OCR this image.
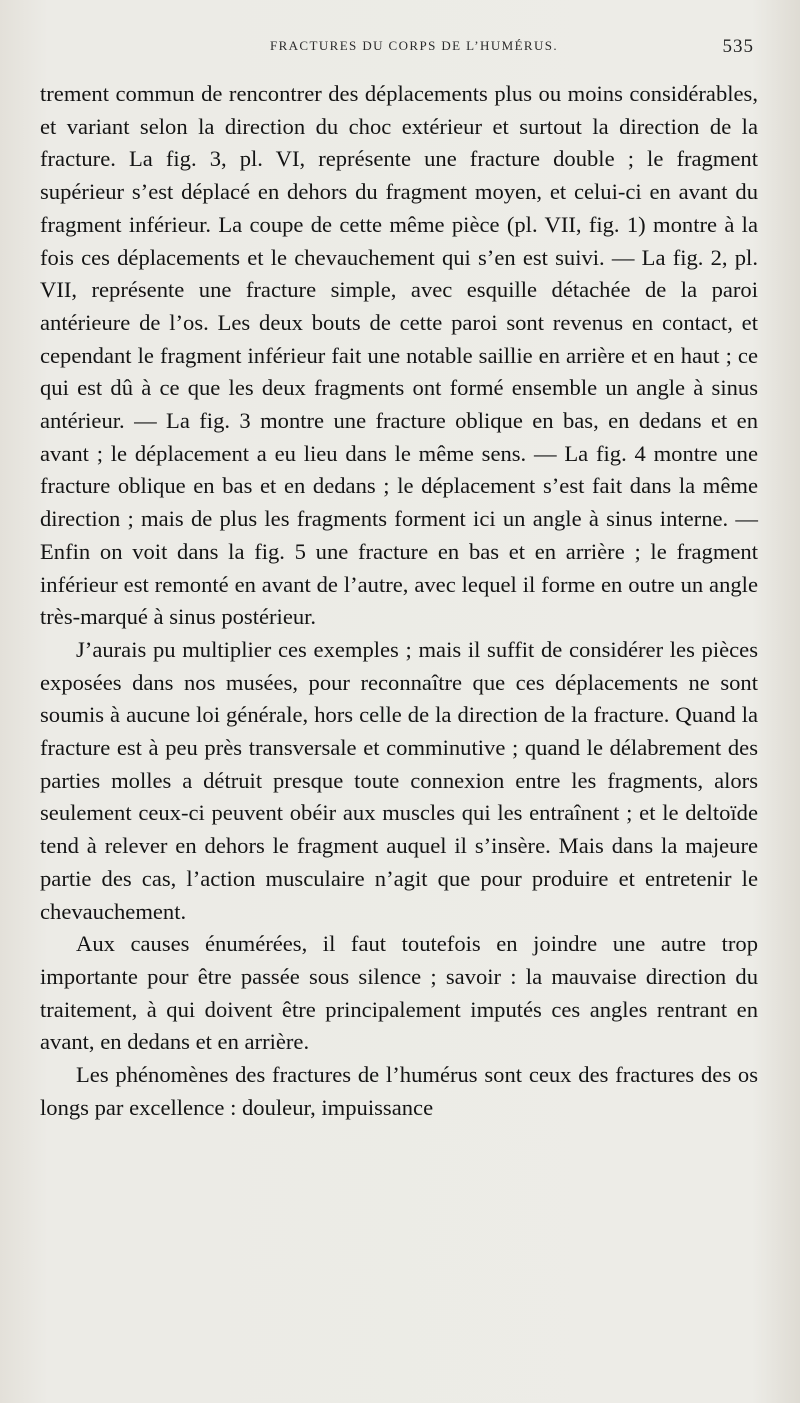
FRACTURES DU CORPS DE L’HUMÉRUS.	535

trement commun de rencontrer des déplacements plus ou moins considérables, et variant selon la direction du choc extérieur et surtout la direction de la fracture. La fig. 3, pl. VI, représente une fracture double ; le fragment supérieur s’est déplacé en dehors du fragment moyen, et celui-ci en avant du fragment inférieur. La coupe de cette même pièce (pl. VII, fig. 1) montre à la fois ces déplacements et le chevauchement qui s’en est suivi. — La fig. 2, pl. VII, représente une fracture simple, avec esquille détachée de la paroi antérieure de l’os. Les deux bouts de cette paroi sont revenus en contact, et cependant le fragment inférieur fait une notable saillie en arrière et en haut ; ce qui est dû à ce que les deux fragments ont formé ensemble un angle à sinus antérieur. — La fig. 3 montre une fracture oblique en bas, en dedans et en avant ; le déplacement a eu lieu dans le même sens. — La fig. 4 montre une fracture oblique en bas et en dedans ; le déplacement s’est fait dans la même direction ; mais de plus les fragments forment ici un angle à sinus interne. — Enfin on voit dans la fig. 5 une fracture en bas et en arrière ; le fragment inférieur est remonté en avant de l’autre, avec lequel il forme en outre un angle très-marqué à sinus postérieur.

J’aurais pu multiplier ces exemples ; mais il suffit de considérer les pièces exposées dans nos musées, pour reconnaître que ces déplacements ne sont soumis à aucune loi générale, hors celle de la direction de la fracture. Quand la fracture est à peu près transversale et comminutive ; quand le délabrement des parties molles a détruit presque toute connexion entre les fragments, alors seulement ceux-ci peuvent obéir aux muscles qui les entraînent ; et le deltoïde tend à relever en dehors le fragment auquel il s’insère. Mais dans la majeure partie des cas, l’action musculaire n’agit que pour produire et entretenir le chevauchement.

Aux causes énumérées, il faut toutefois en joindre une autre trop importante pour être passée sous silence ; savoir : la mauvaise direction du traitement, à qui doivent être principalement imputés ces angles rentrant en avant, en dedans et en arrière.

Les phénomènes des fractures de l’humérus sont ceux des fractures des os longs par excellence : douleur, impuissance
